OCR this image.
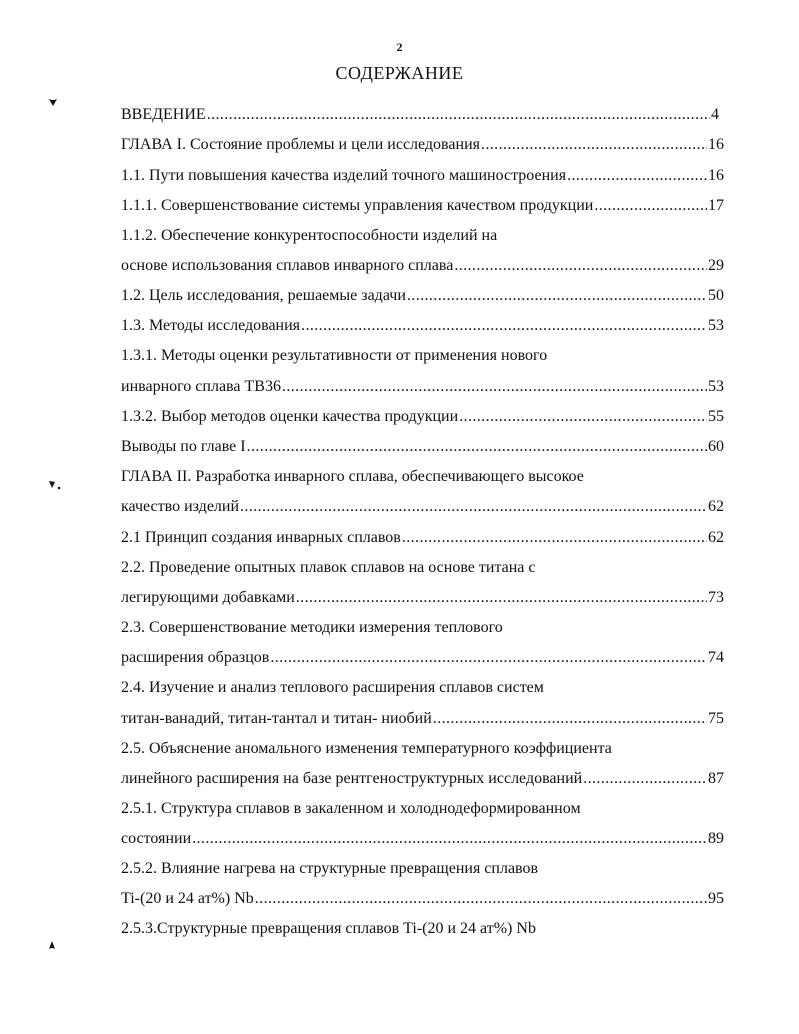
2
СОДЕРЖАНИЕ
ВВЕДЕНИЕ .....	4
ГЛАВА I. Состояние проблемы и цели исследования .....	16
1.1. Пути повышения качества изделий точного машиностроения .....	16
1.1.1. Совершенствование системы управления качеством продукции .....	17
1.1.2. Обеспечение конкурентоспособности изделий на
основе использования сплавов инварного сплава .....	29
1.2. Цель исследования, решаемые задачи .....	50
1.3. Методы исследования .....	53
1.3.1. Методы оценки результативности от применения нового
инварного сплава ТВ36 .....	53
1.3.2. Выбор методов оценки качества продукции .....	55
Выводы по главе I .....	60
ГЛАВА II. Разработка инварного сплава, обеспечивающего высокое
качество изделий .....	62
2.1 Принцип создания инварных сплавов .....	62
2.2. Проведение опытных плавок сплавов на основе титана с
легирующими добавками .....	73
2.3. Совершенствование методики измерения теплового
расширения образцов .....	74
2.4. Изучение и анализ теплового расширения сплавов систем
титан-ванадий, титан-тантал и титан- ниобий .....	75
2.5. Объяснение аномального изменения температурного коэффициента
линейного расширения на базе рентгеноструктурных исследований .....	87
2.5.1. Структура сплавов в закаленном и холоднодеформированном
состоянии .....	89
2.5.2. Влияние нагрева на структурные превращения сплавов
Ti-(20 и 24 ат%) Nb .....	95
2.5.3.Структурные превращения сплавов Ti-(20 и 24 ат%) Nb
